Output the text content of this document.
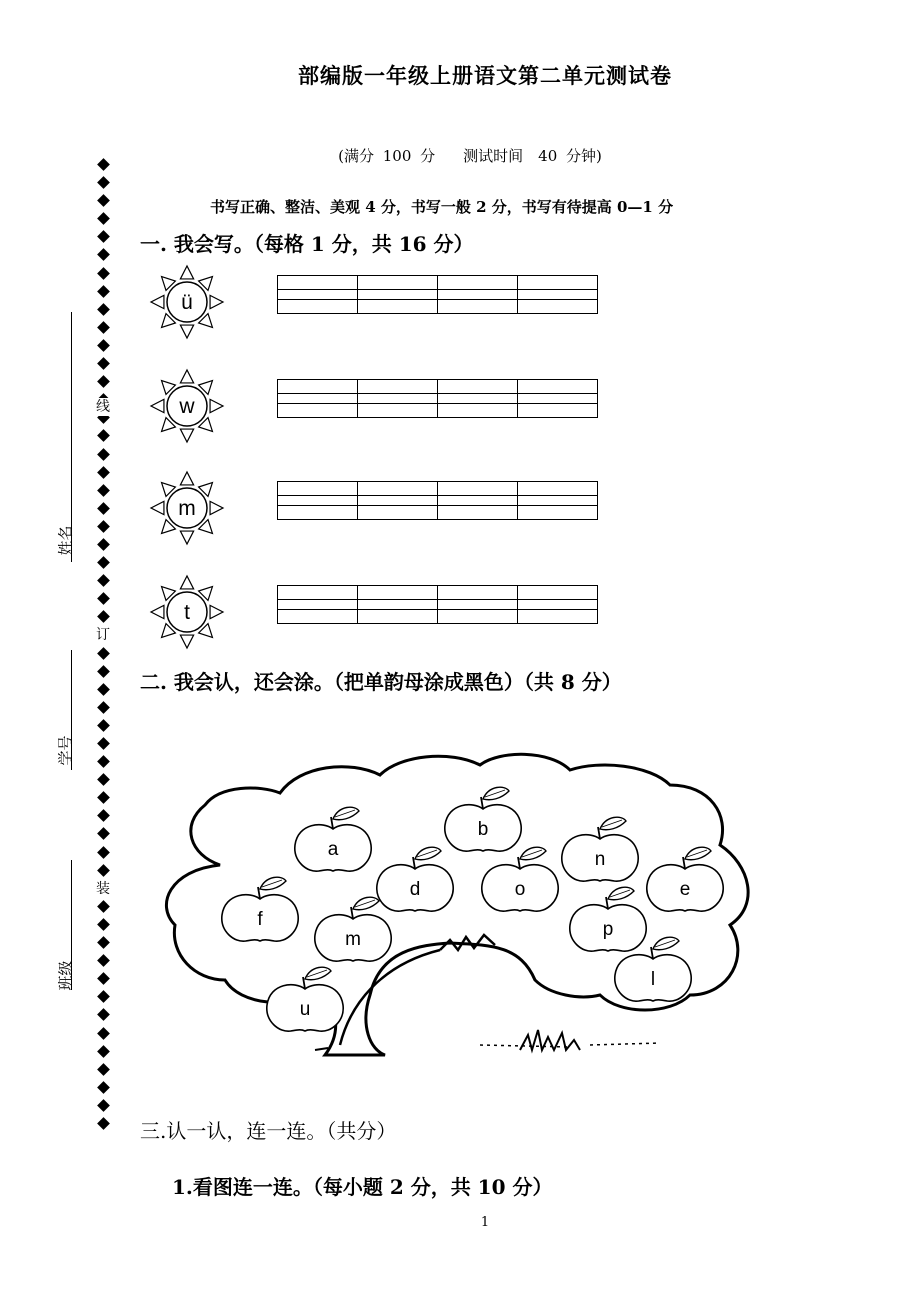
部编版一年级上册语文第二单元测试卷
(满分 100 分 测试时间　40 分钟)
书写正确、整洁、美观 4 分，书写一般 2 分，书写有待提高 0—1 分
线
订
装
姓名
学号
班级
一. 我会写。（每格 1 分，共 16 分）
ü

w

m

t

二. 我会认，还会涂。（把单韵母涂成黑色）（共 8 分）
a
b
n
d	o	e
f
m	p
u
l
三.认一认，连一连。（共分）
1.看图连一连。（每小题 2 分，共 10 分）
1
